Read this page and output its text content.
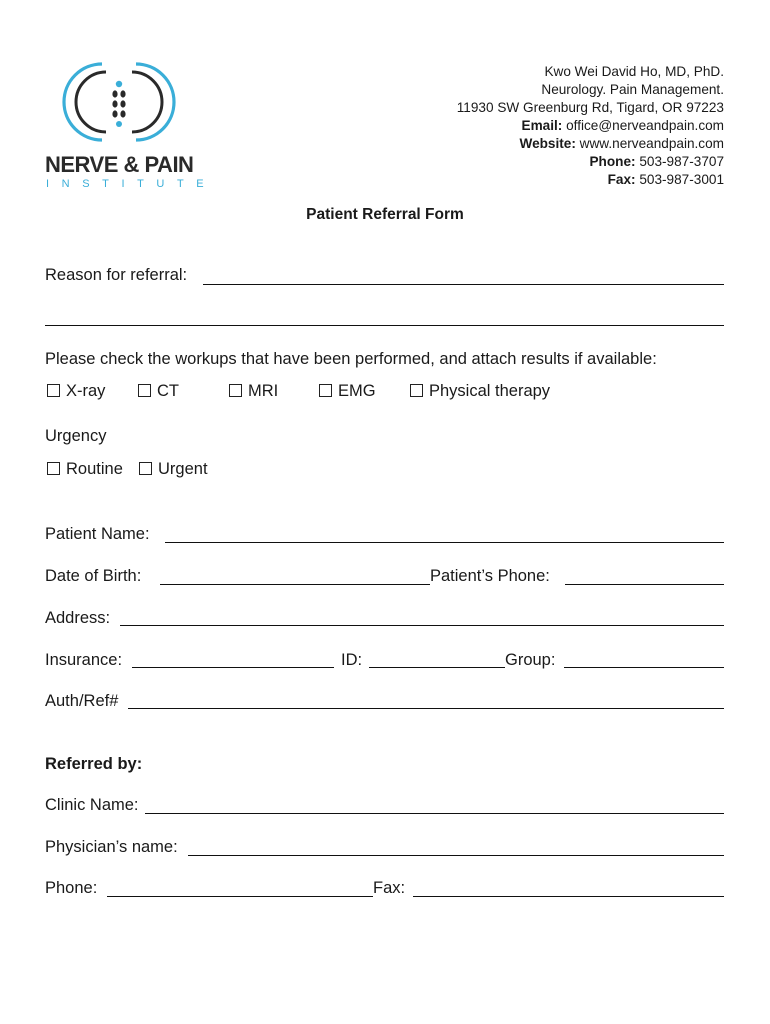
NERVE & PAIN
INSTITUTE
Kwo Wei David Ho, MD, PhD.
Neurology. Pain Management.
11930 SW Greenburg Rd, Tigard, OR 97223
Email: office@nerveandpain.com
Website: www.nerveandpain.com
Phone: 503-987-3707
Fax: 503-987-3001
Patient Referral Form
Reason for referral:
Please check the workups that have been performed, and attach results if available:
X-ray	CT	MRI	EMG	Physical therapy
Urgency
Routine	Urgent
Patient Name:
Date of Birth:	Patient’s Phone:
Address:
Insurance:	ID:	Group:
Auth/Ref#
Referred by:
Clinic Name:
Physician’s name:
Phone:	Fax:
